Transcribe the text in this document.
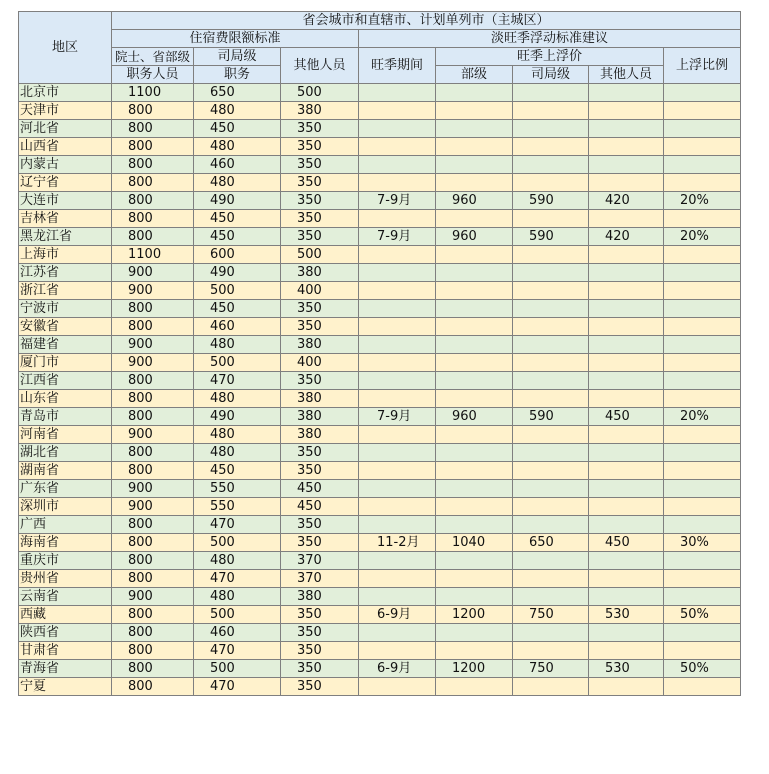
地区	省会城市和直辖市、计划单列市（主城区）							
	住宿费限额标准			淡旺季浮动标准建议				
	院士、省部级	司局级	其他人员	旺季期间	旺季上浮价			上浮比例

	职务人员	职务			部级	司局级	其他人员	
北京市	1100	650	500					
天津市	800	480	380					
河北省	800	450	350					
山西省	800	480	350					
内蒙古	800	460	350					
辽宁省	800	480	350					
大连市	800	490	350	7-9月	960	590	420	20%
吉林省	800	450	350					
黑龙江省	800	450	350	7-9月	960	590	420	20%
上海市	1100	600	500					
江苏省	900	490	380					
浙江省	900	500	400					
宁波市	800	450	350					
安徽省	800	460	350					
福建省	900	480	380					
厦门市	900	500	400					
江西省	800	470	350					
山东省	800	480	380					
青岛市	800	490	380	7-9月	960	590	450	20%
河南省	900	480	380					
湖北省	800	480	350					
湖南省	800	450	350					
广东省	900	550	450					
深圳市	900	550	450					
广西	800	470	350					
海南省	800	500	350	11-2月	1040	650	450	30%
重庆市	800	480	370					
贵州省	800	470	370					
云南省	900	480	380					
西藏	800	500	350	6-9月	1200	750	530	50%
陕西省	800	460	350					
甘肃省	800	470	350					
青海省	800	500	350	6-9月	1200	750	530	50%
宁夏	800	470	350					
